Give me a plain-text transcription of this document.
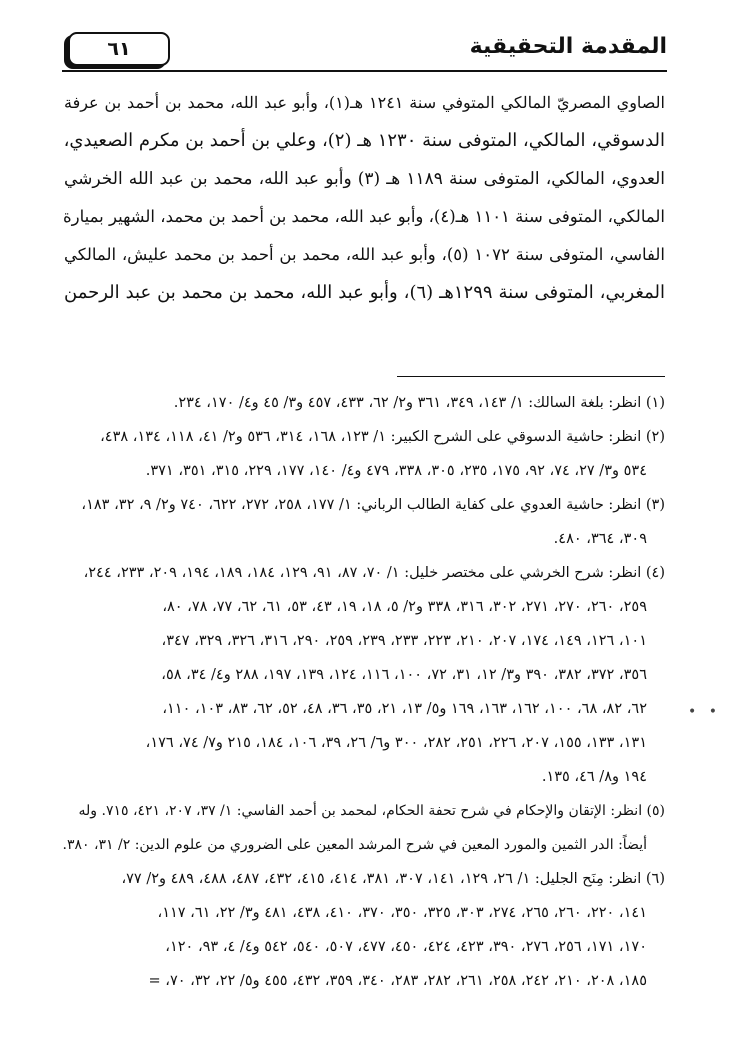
المقدمة التحقيقية
٦١
الصاوي المصريّ المالكي المتوفي سنة ١٢٤١ هـ(١)، وأبو عبد الله، محمد بن أحمد بن عرفة
الدسوقي، المالكي، المتوفى سنة ١٢٣٠ هـ (٢)، وعلي بن أحمد بن مكرم الصعيدي،
العدوي، المالكي، المتوفى سنة ١١٨٩ هـ (٣) وأبو عبد الله، محمد بن عبد الله الخرشي
المالكي، المتوفى سنة ١١٠١ هـ(٤)، وأبو عبد الله، محمد بن أحمد بن محمد، الشهير بميارة
الفاسي، المتوفى سنة ١٠٧٢ (٥)، وأبو عبد الله، محمد بن أحمد بن محمد عليش، المالكي
المغربي، المتوفى سنة ١٢٩٩هـ (٦)، وأبو عبد الله، محمد بن محمد بن عبد الرحمن
(١) انظر: بلغة السالك: ١/ ١٤٣، ٣٤٩، ٣٦١ و٢/ ٦٢، ٤٣٣، ٤٥٧ و٣/ ٤٥ و٤/ ١٧٠، ٢٣٤.
(٢) انظر: حاشية الدسوقي على الشرح الكبير: ١/ ١٢٣، ١٦٨، ٣١٤، ٥٣٦ و٢/ ٤١، ١١٨، ١٣٤، ٤٣٨،
٥٣٤ و٣/ ٢٧، ٧٤، ٩٢، ١٧٥، ٢٣٥، ٣٠٥، ٣٣٨، ٤٧٩ و٤/ ١٤٠، ١٧٧، ٢٢٩، ٣١٥، ٣٥١، ٣٧١.
(٣) انظر: حاشية العدوي على كفاية الطالب الرباني: ١/ ١٧٧، ٢٥٨، ٢٧٢، ٦٢٢، ٧٤٠ و٢/ ٩، ٣٢، ١٨٣،
٣٠٩، ٣٦٤، ٤٨٠.
(٤) انظر: شرح الخرشي على مختصر خليل: ١/ ٧٠، ٨٧، ٩١، ١٢٩، ١٨٤، ١٨٩، ١٩٤، ٢٠٩، ٢٣٣، ٢٤٤،
٢٥٩، ٢٦٠، ٢٧٠، ٢٧١، ٣٠٢، ٣١٦، ٣٣٨ و٢/ ٥، ١٨، ١٩، ٤٣، ٥٣، ٦١، ٦٢، ٧٧، ٧٨، ٨٠،
١٠١، ١٢٦، ١٤٩، ١٧٤، ٢٠٧، ٢١٠، ٢٢٣، ٢٣٣، ٢٣٩، ٢٥٩، ٢٩٠، ٣١٦، ٣٢٦، ٣٢٩، ٣٤٧،
٣٥٦، ٣٧٢، ٣٨٢، ٣٩٠ و٣/ ١٢، ٣١، ٧٢، ١٠٠، ١١٦، ١٢٤، ١٣٩، ١٩٧، ٢٨٨ و٤/ ٣٤، ٥٨،
٦٢، ٨٢، ٦٨، ١٠٠، ١٦٢، ١٦٣، ١٦٩ و٥/ ١٣، ٢١، ٣٥، ٣٦، ٤٨، ٥٢، ٦٢، ٨٣، ١٠٣، ١١٠،
١٣١، ١٣٣، ١٥٥، ٢٠٧، ٢٢٦، ٢٥١، ٢٨٢، ٣٠٠ و٦/ ٢٦، ٣٩، ١٠٦، ١٨٤، ٢١٥ و٧/ ٧٤، ١٧٦،
١٩٤ و٨/ ٤٦، ١٣٥.
(٥) انظر: الإتقان والإحكام في شرح تحفة الحكام، لمحمد بن أحمد الفاسي: ١/ ٣٧، ٢٠٧، ٤٢١، ٧١٥. وله
أيضاً: الدر الثمين والمورد المعين في شرح المرشد المعين على الضروري من علوم الدين: ٢/ ٣١، ٣٨٠.
(٦) انظر: مِنَح الجليل: ١/ ٢٦، ١٢٩، ١٤١، ٣٠٧، ٣٨١، ٤١٤، ٤١٥، ٤٣٢، ٤٨٧، ٤٨٨، ٤٨٩ و٢/ ٧٧،
١٤١، ٢٢٠، ٢٦٠، ٢٦٥، ٢٧٤، ٣٠٣، ٣٢٥، ٣٥٠، ٣٧٠، ٤١٠، ٤٣٨، ٤٨١ و٣/ ٢٢، ٦١، ١١٧،
١٧٠، ١٧١، ٢٥٦، ٢٧٦، ٣٩٠، ٤٢٣، ٤٢٤، ٤٥٠، ٤٧٧، ٥٠٧، ٥٤٠، ٥٤٢ و٤/ ٤، ٩٣، ١٢٠،
١٨٥، ٢٠٨، ٢١٠، ٢٤٢، ٢٥٨، ٢٦١، ٢٨٢، ٢٨٣، ٣٤٠، ٣٥٩، ٤٣٢، ٤٥٥ و٥/ ٢٢، ٣٢، ٧٠، =
• •
